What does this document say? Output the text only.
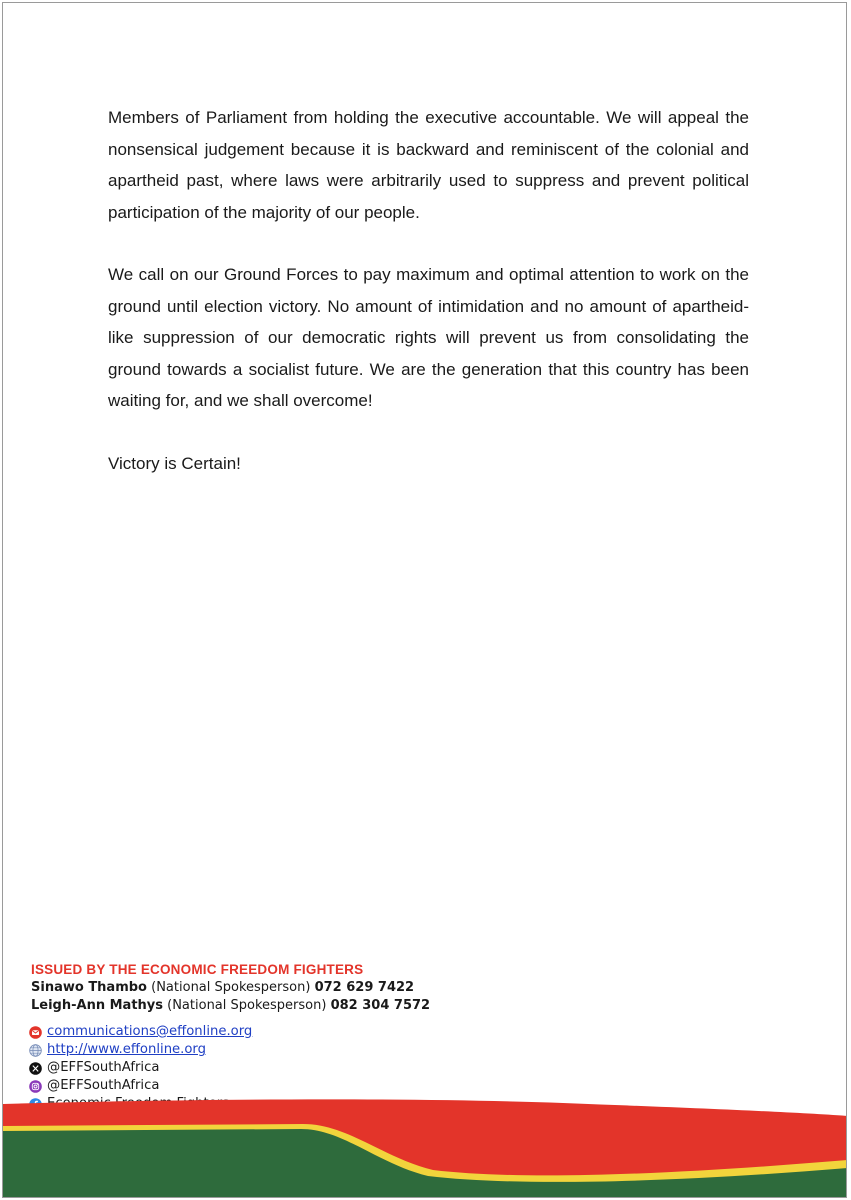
Members of Parliament from holding the executive accountable. We will appeal the nonsensical judgement because it is backward and reminiscent of the colonial and apartheid past, where laws were arbitrarily used to suppress and prevent political participation of the majority of our people.

We call on our Ground Forces to pay maximum and optimal attention to work on the ground until election victory. No amount of intimidation and no amount of apartheid-like suppression of our democratic rights will prevent us from consolidating the ground towards a socialist future. We are the generation that this country has been waiting for, and we shall overcome!

Victory is Certain!

ISSUED BY THE ECONOMIC FREEDOM FIGHTERS
Sinawo Thambo (National Spokesperson) 072 629 7422
Leigh-Ann Mathys (National Spokesperson) 082 304 7572
communications@effonline.org
http://www.effonline.org
@EFFSouthAfrica
@EFFSouthAfrica
